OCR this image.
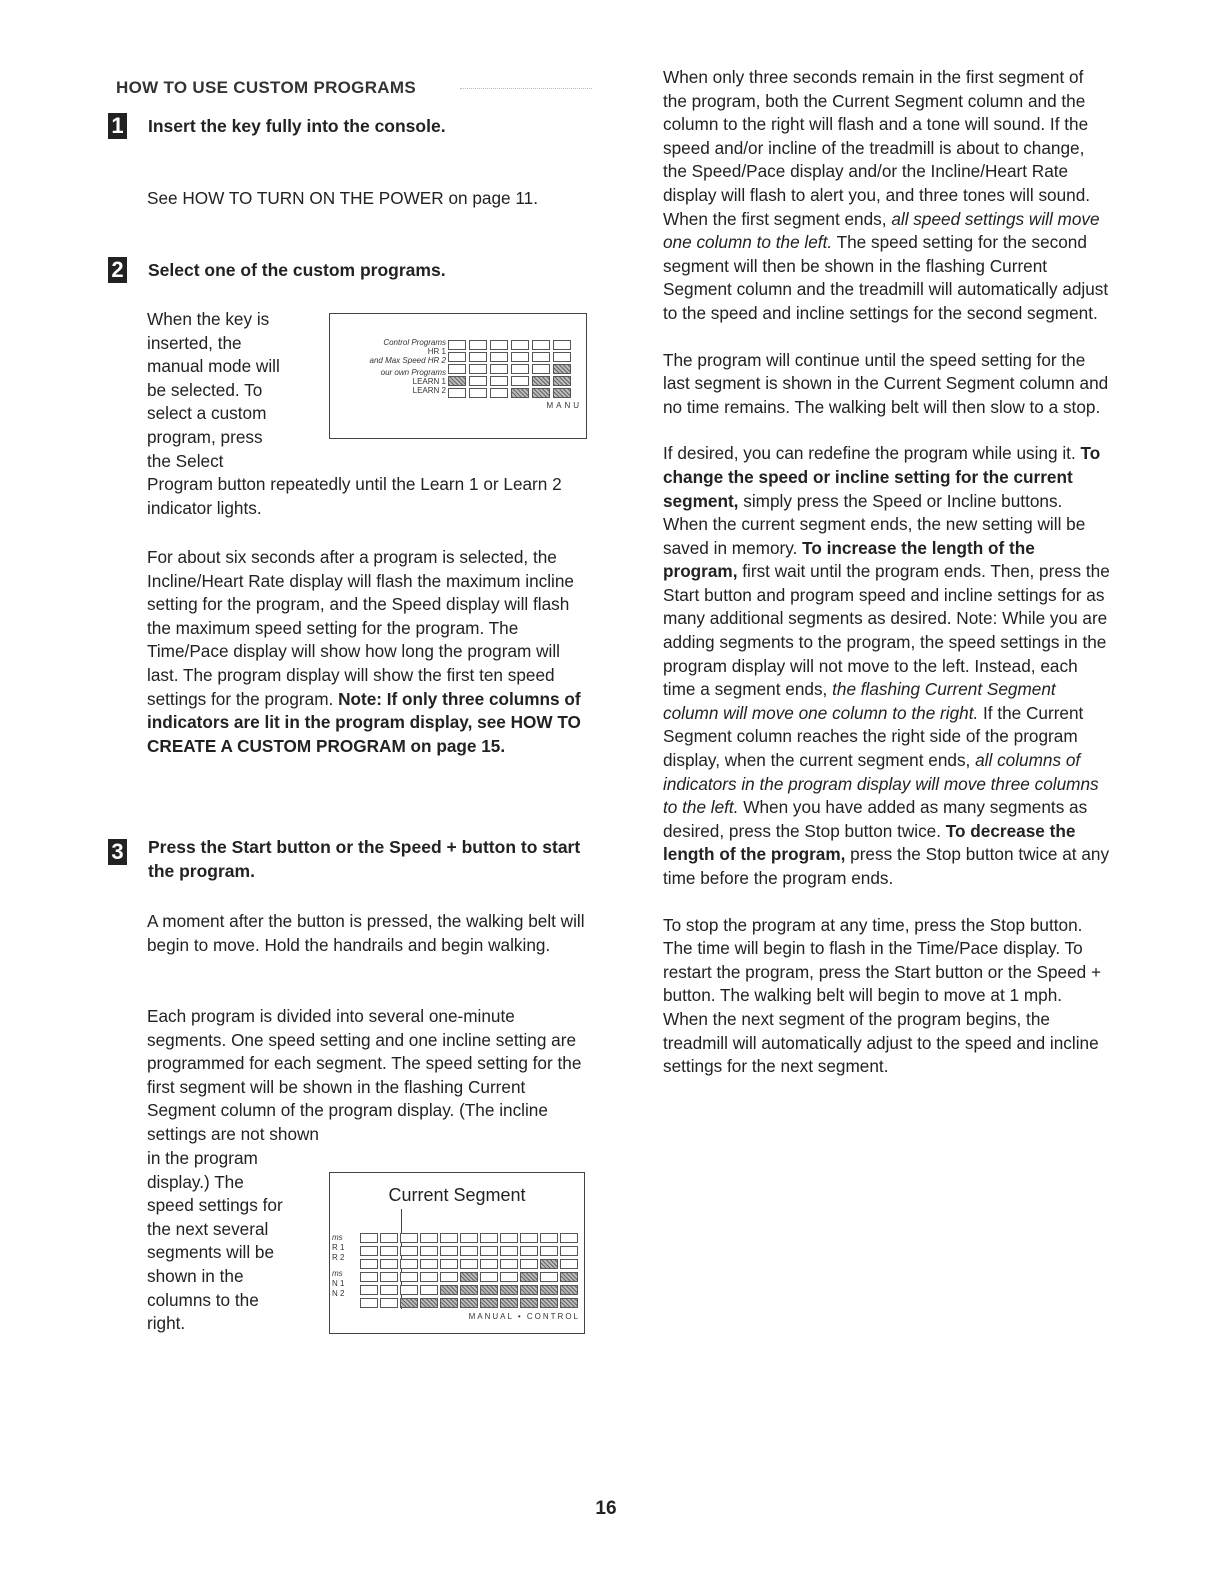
HOW TO USE CUSTOM PROGRAMS
1 Insert the key fully into the console.
See HOW TO TURN ON THE POWER on page 11.
2 Select one of the custom programs.

When the key is

inserted, the

manual mode will

be selected. To

select a custom

program, press

the Select

Program button repeatedly until the Learn 1 or Learn 2 indicator lights.
For about six seconds after a program is selected, the Incline/Heart Rate display will flash the maximum incline setting for the program, and the Speed display will flash the maximum speed setting for the program. The Time/Pace display will show how long the program will last. The program display will show the first ten speed settings for the program. Note: If only three columns of indicators are lit in the program display, see HOW TO CREATE A CUSTOM PROGRAM on page 15.
Control Programs
HR 1
and Max Speed HR 2
our own Programs
LEARN 1
LEARN 2
MANU
3 Press the Start button or the Speed + button to start the program.
A moment after the button is pressed, the walking belt will begin to move. Hold the handrails and begin walking.
Each program is divided into several one-minute segments. One speed setting and one incline setting are programmed for each segment. The speed setting for the first segment will be shown in the flashing Current Segment column of the program display. (The incline settings are not shown

in the program

display.) The

speed settings for

the next several

segments will be

shown in the

columns to the

right.

Current Segment
ms
R 1
R 2
ms
N 1
N 2
MANUAL • CONTROL

When only three seconds remain in the first segment of the program, both the Current Segment column and the column to the right will flash and a tone will sound. If the speed and/or incline of the treadmill is about to change, the Speed/Pace display and/or the Incline/Heart Rate display will flash to alert you, and three tones will sound. When the first segment ends, all speed settings will move one column to the left. The speed setting for the second segment will then be shown in the flashing Current Segment column and the treadmill will automatically adjust to the speed and incline settings for the second segment.

The program will continue until the speed setting for the last segment is shown in the Current Segment column and no time remains. The walking belt will then slow to a stop.

If desired, you can redefine the program while using it. To change the speed or incline setting for the current segment, simply press the Speed or Incline buttons. When the current segment ends, the new setting will be saved in memory. To increase the length of the program, first wait until the program ends. Then, press the Start button and program speed and incline settings for as many additional segments as desired. Note: While you are adding segments to the program, the speed settings in the program display will not move to the left. Instead, each time a segment ends, the flashing Current Segment column will move one column to the right. If the Current Segment column reaches the right side of the program display, when the current segment ends, all columns of indicators in the program display will move three columns to the left. When you have added as many segments as desired, press the Stop button twice. To decrease the length of the program, press the Stop button twice at any time before the program ends.

To stop the program at any time, press the Stop button. The time will begin to flash in the Time/Pace display. To restart the program, press the Start button or the Speed + button. The walking belt will begin to move at 1 mph. When the next segment of the program begins, the treadmill will automatically adjust to the speed and incline settings for the next segment.

16
